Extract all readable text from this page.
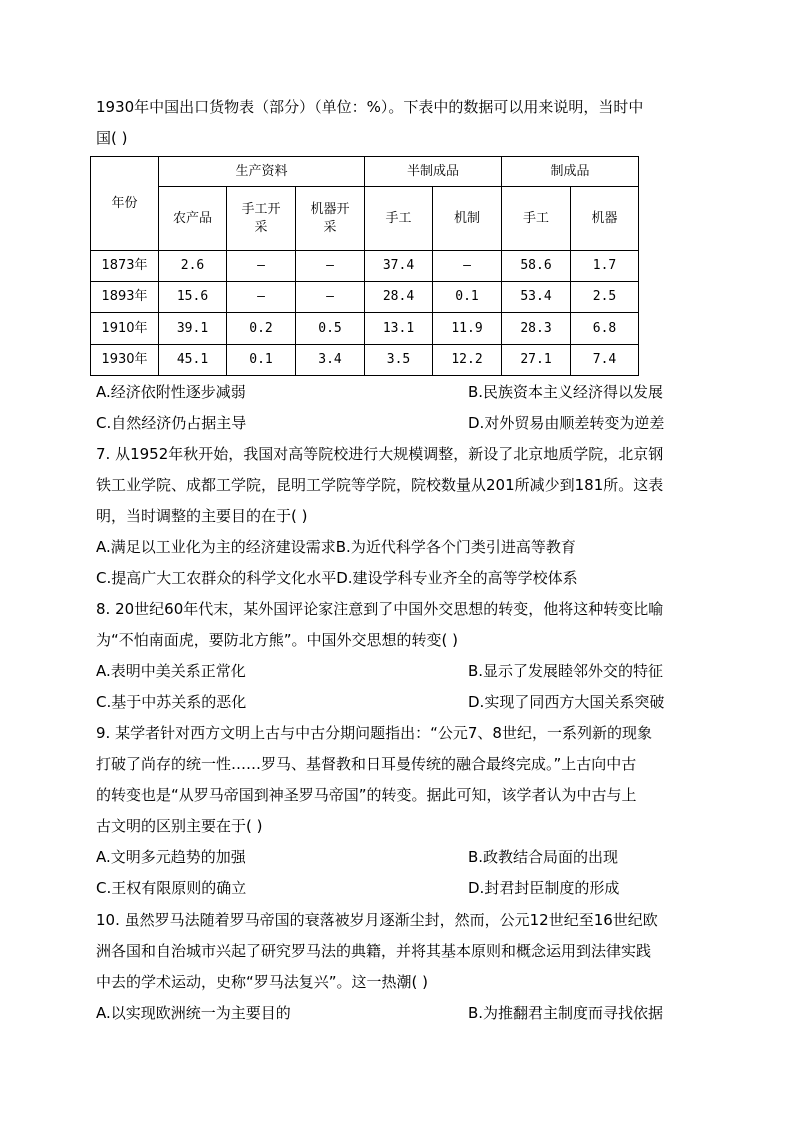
1930年中国出口货物表（部分）（单位：%）。下表中的数据可以用来说明，当时中
国( )
年份	生产资料			半制成品		制成品	
	农产品	手工开采	机器开采	手工	机制	手工	机器
1873年	2.6	—	—	37.4	—	58.6	1.7
1893年	15.6	—	—	28.4	0.1	53.4	2.5
1910年	39.1	0.2	0.5	13.1	11.9	28.3	6.8
1930年	45.1	0.1	3.4	3.5	12.2	27.1	7.4
A.经济依附性逐步减弱	B.民族资本主义经济得以发展
C.自然经济仍占据主导	D.对外贸易由顺差转变为逆差
7. 从1952年秋开始，我国对高等院校进行大规模调整，新设了北京地质学院，北京钢
铁工业学院、成都工学院，昆明工学院等学院，院校数量从201所减少到181所。这表
明，当时调整的主要目的在于( )
A.满足以工业化为主的经济建设需求B.为近代科学各个门类引进高等教育
C.提高广大工农群众的科学文化水平D.建设学科专业齐全的高等学校体系
8. 20世纪60年代末，某外国评论家注意到了中国外交思想的转变，他将这种转变比喻
为“不怕南面虎，要防北方熊”。中国外交思想的转变( )
A.表明中美关系正常化	B.显示了发展睦邻外交的特征
C.基于中苏关系的恶化	D.实现了同西方大国关系突破
9. 某学者针对西方文明上古与中古分期问题指出：“公元7、8世纪，一系列新的现象
打破了尚存的统一性……罗马、基督教和日耳曼传统的融合最终完成。”上古向中古
的转变也是“从罗马帝国到神圣罗马帝国”的转变。据此可知，该学者认为中古与上
古文明的区别主要在于( )
A.文明多元趋势的加强	B.政教结合局面的出现
C.王权有限原则的确立	D.封君封臣制度的形成
10. 虽然罗马法随着罗马帝国的衰落被岁月逐渐尘封，然而，公元12世纪至16世纪欧
洲各国和自治城市兴起了研究罗马法的典籍，并将其基本原则和概念运用到法律实践
中去的学术运动，史称“罗马法复兴”。这一热潮( )
A.以实现欧洲统一为主要目的	B.为推翻君主制度而寻找依据
